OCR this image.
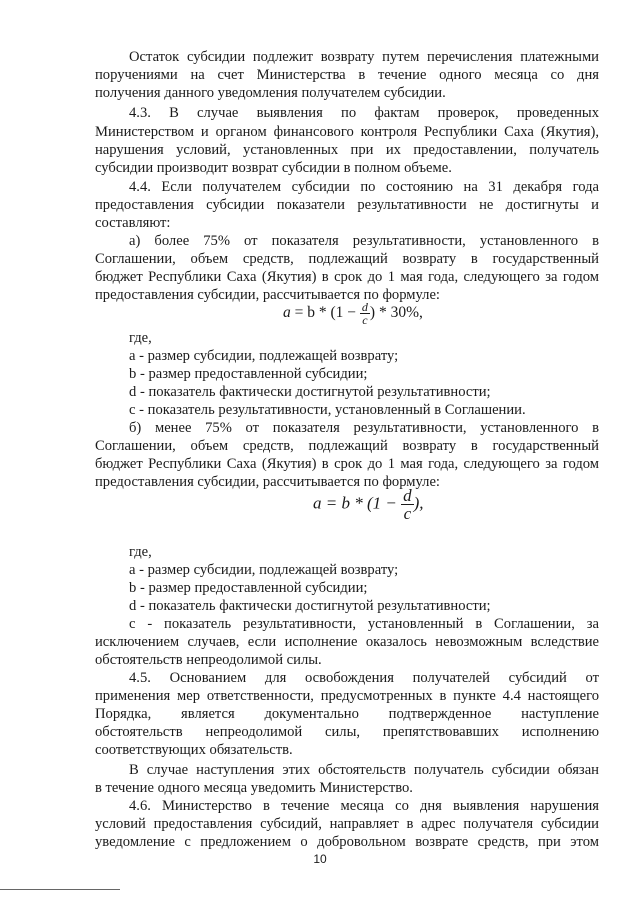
Остаток субсидии подлежит возврату путем перечисления платежными
поручениями на счет Министерства в течение одного месяца со дня
получения данного уведомления получателем субсидии.
4.3. В случае выявления по фактам проверок, проведенных
Министерством и органом финансового контроля Республики Саха (Якутия),
нарушения условий, установленных при их предоставлении, получатель
субсидии производит возврат субсидии в полном объеме.
4.4. Если получателем субсидии по состоянию на 31 декабря года
предоставления субсидии показатели результативности не достигнуты и
составляют:
а) более 75% от показателя результативности, установленного в
Соглашении, объем средств, подлежащий возврату в государственный
бюджет Республики Саха (Якутия) в срок до 1 мая года, следующего за годом
предоставления субсидии, рассчитывается по формуле:
$a = b * (1 - \frac{d}{c}$ ) * 30%,
где,
a - размер субсидии, подлежащей возврату;
b - размер предоставленной субсидии;
d - показатель фактически достигнутой результативности;
c - показатель результативности, установленный в Соглашении.
б) менее 75% от показателя результативности, установленного в
Соглашении, объем средств, подлежащий возврату в государственный
бюджет Республики Саха (Якутия) в срок до 1 мая года, следующего за годом
предоставления субсидии, рассчитывается по формуле:
$a = b * (1 - \frac{d}{c}$ ),
где,
a - размер субсидии, подлежащей возврату;
b - размер предоставленной субсидии;
d - показатель фактически достигнутой результативности;
c - показатель результативности, установленный в Соглашении, за
исключением случаев, если исполнение оказалось невозможным вследствие
обстоятельств непреодолимой силы.
4.5. Основанием для освобождения получателей субсидий от
применения мер ответственности, предусмотренных в пункте 4.4 настоящего
Порядка, является документально подтвержденное наступление
обстоятельств непреодолимой силы, препятствовавших исполнению
соответствующих обязательств.
В случае наступления этих обстоятельств получатель субсидии обязан
в течение одного месяца уведомить Министерство.
4.6. Министерство в течение месяца со дня выявления нарушения
условий предоставления субсидий, направляет в адрес получателя субсидии
уведомление с предложением о добровольном возврате средств, при этом
10
